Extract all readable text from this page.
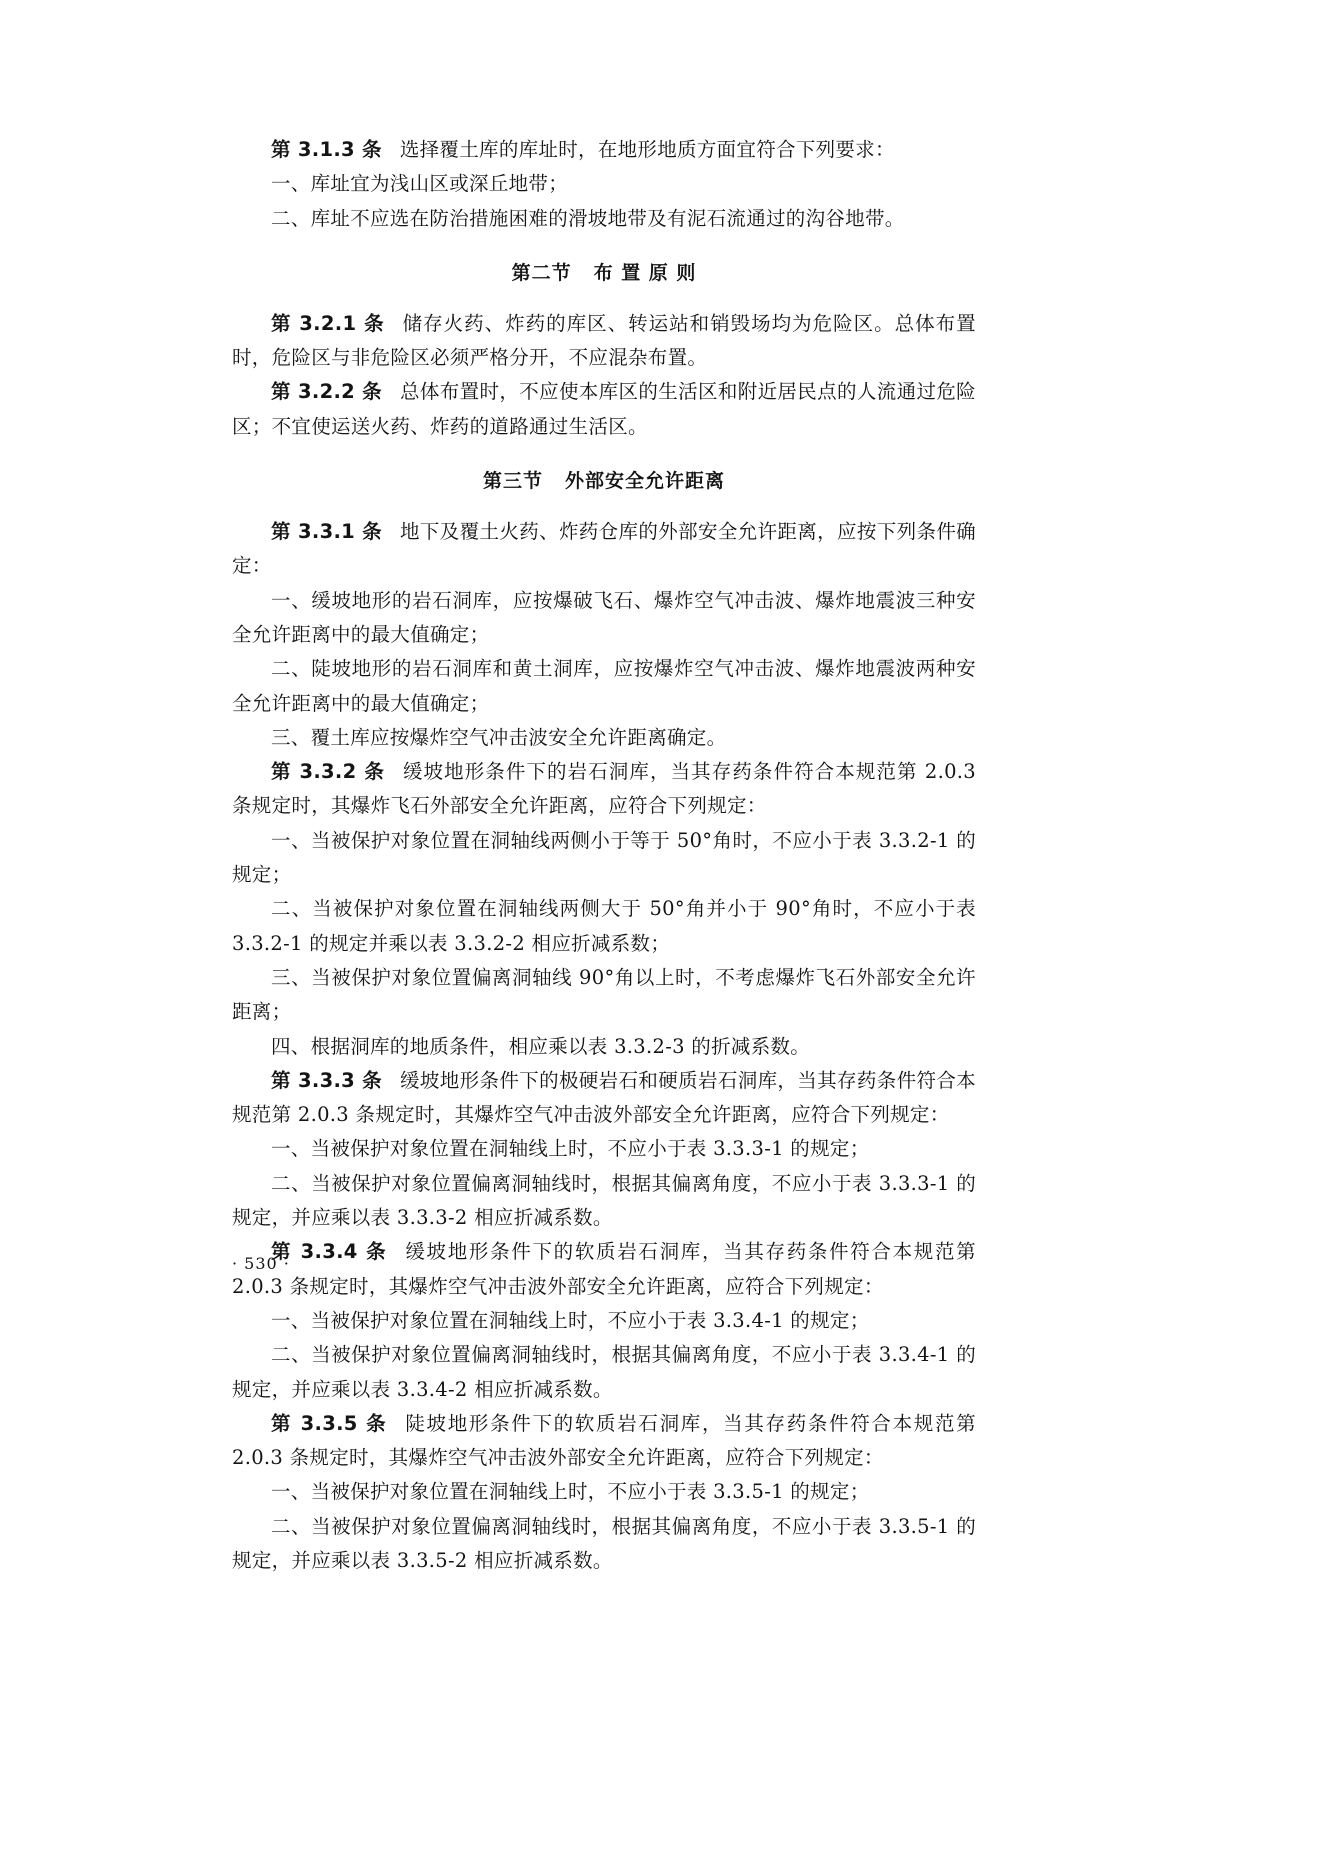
第 3.1.3 条 选择覆土库的库址时，在地形地质方面宜符合下列要求：

一、库址宜为浅山区或深丘地带；

二、库址不应选在防治措施困难的滑坡地带及有泥石流通过的沟谷地带。

第二节 布 置 原 则

第 3.2.1 条 储存火药、炸药的库区、转运站和销毁场均为危险区。总体布置时，危险区与非危险区必须严格分开，不应混杂布置。

第 3.2.2 条 总体布置时，不应使本库区的生活区和附近居民点的人流通过危险区；不宜使运送火药、炸药的道路通过生活区。

第三节 外部安全允许距离

第 3.3.1 条 地下及覆土火药、炸药仓库的外部安全允许距离，应按下列条件确定：

一、缓坡地形的岩石洞库，应按爆破飞石、爆炸空气冲击波、爆炸地震波三种安全允许距离中的最大值确定；

二、陡坡地形的岩石洞库和黄土洞库，应按爆炸空气冲击波、爆炸地震波两种安全允许距离中的最大值确定；

三、覆土库应按爆炸空气冲击波安全允许距离确定。

第 3.3.2 条 缓坡地形条件下的岩石洞库，当其存药条件符合本规范第 2.0.3 条规定时，其爆炸飞石外部安全允许距离，应符合下列规定：

一、当被保护对象位置在洞轴线两侧小于等于 50°角时，不应小于表 3.3.2-1 的规定；

二、当被保护对象位置在洞轴线两侧大于 50°角并小于 90°角时，不应小于表 3.3.2-1 的规定并乘以表 3.3.2-2 相应折减系数；

三、当被保护对象位置偏离洞轴线 90°角以上时，不考虑爆炸飞石外部安全允许距离；

四、根据洞库的地质条件，相应乘以表 3.3.2-3 的折减系数。

第 3.3.3 条 缓坡地形条件下的极硬岩石和硬质岩石洞库，当其存药条件符合本规范第 2.0.3 条规定时，其爆炸空气冲击波外部安全允许距离，应符合下列规定：

一、当被保护对象位置在洞轴线上时，不应小于表 3.3.3-1 的规定；

二、当被保护对象位置偏离洞轴线时，根据其偏离角度，不应小于表 3.3.3-1 的规定，并应乘以表 3.3.3-2 相应折减系数。

第 3.3.4 条 缓坡地形条件下的软质岩石洞库，当其存药条件符合本规范第 2.0.3 条规定时，其爆炸空气冲击波外部安全允许距离，应符合下列规定：

一、当被保护对象位置在洞轴线上时，不应小于表 3.3.4-1 的规定；

二、当被保护对象位置偏离洞轴线时，根据其偏离角度，不应小于表 3.3.4-1 的规定，并应乘以表 3.3.4-2 相应折减系数。

第 3.3.5 条 陡坡地形条件下的软质岩石洞库，当其存药条件符合本规范第 2.0.3 条规定时，其爆炸空气冲击波外部安全允许距离，应符合下列规定：

一、当被保护对象位置在洞轴线上时，不应小于表 3.3.5-1 的规定；

二、当被保护对象位置偏离洞轴线时，根据其偏离角度，不应小于表 3.3.5-1 的规定，并应乘以表 3.3.5-2 相应折减系数。

· 530 ·
